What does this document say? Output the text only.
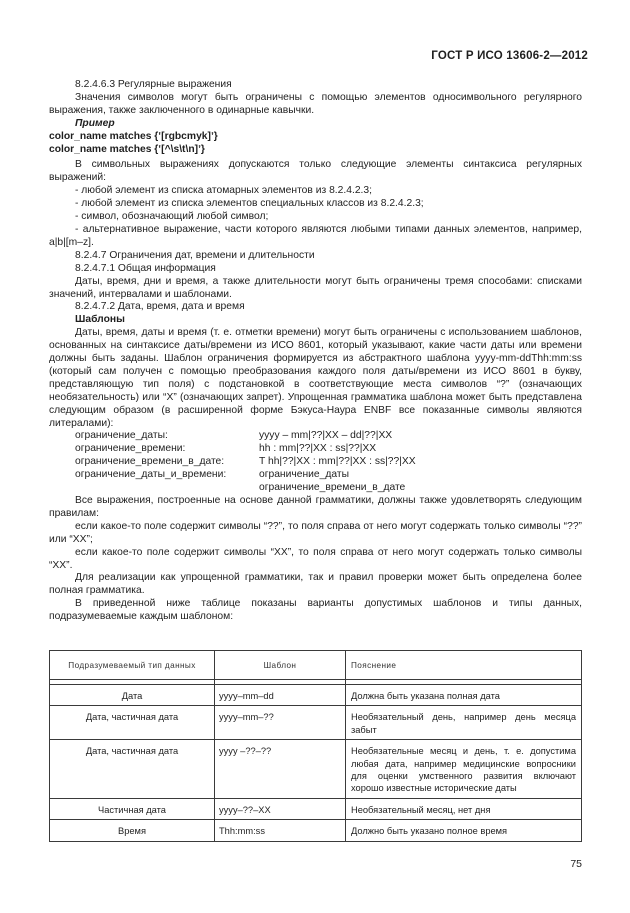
ГОСТ Р ИСО 13606-2—2012

8.2.4.6.3 Регулярные выражения

Значения символов могут быть ограничены с помощью элементов односимвольного регулярного выражения, также заключенного в одинарные кавычки.

Пример

color_name matches {ʽ[rgbcmyk]ʼ}

color_name matches {ʽ[^\s\t\n]ʼ}

В символьных выражениях допускаются только следующие элементы синтаксиса регулярных выражений:

- любой элемент из списка атомарных элементов из 8.2.4.2.3;

- любой элемент из списка элементов специальных классов из 8.2.4.2.3;

- символ, обозначающий любой символ;

- альтернативное выражение, части которого являются любыми типами данных элементов, например, a|b|[m–z].

8.2.4.7 Ограничения дат, времени и длительности

8.2.4.7.1 Общая информация

Даты, время, дни и время, а также длительности могут быть ограничены тремя способами: списками значений, интервалами и шаблонами.

8.2.4.7.2 Дата, время, дата и время

Шаблоны

Даты, время, даты и время (т. е. отметки времени) могут быть ограничены с использованием шаблонов, основанных на синтаксисе даты/времени из ИСО 8601, который указывают, какие части даты или времени должны быть заданы. Шаблон ограничения формируется из абстрактного шаблона yyyy-mm-ddThh:mm:ss (который сам получен с помощью преобразования каждого поля даты/времени из ИСО 8601 в букву, представляющую тип поля) с подстановкой в соответствующие места символов “?” (означающих необязательность) или “X” (означающих запрет). Упрощенная грамматика шаблона может быть представлена следующим образом (в расширенной форме Бэкуса-Наура ENBF все показанные символы являются литералами):

ограничение_даты:	yyyy – mm|??|XX – dd|??|XX
ограничение_времени:	hh : mm|??|XX : ss|??|XX
ограничение_времени_в_дате:	T hh|??|XX : mm|??|XX : ss|??|XX
ограничение_даты_и_времени:	ограничение_даты
ограничение_времени_в_дате

Все выражения, построенные на основе данной грамматики, должны также удовлетворять следующим правилам:

если какое-то поле содержит символы “??”, то поля справа от него могут содержать только символы “??” или “XX”;

если какое-то поле содержит символы “XX”, то поля справа от него могут содержать только символы “XX”.

Для реализации как упрощенной грамматики, так и правил проверки может быть определена более полная грамматика.

В приведенной ниже таблице показаны варианты допустимых шаблонов и типы данных, подразумеваемые каждым шаблоном:

Подразумеваемый тип данных	Шаблон	Пояснение

Дата	yyyy–mm–dd	Должна быть указана полная дата
Дата, частичная дата	yyyy–mm–??	Необязательный день, например день месяца забыт
Дата, частичная дата	yyyy –??–??	Необязательные месяц и день, т. е. допустима любая дата, например медицинские вопросники для оценки умственного развития включают хорошо известные исторические даты
Частичная дата	yyyy–??–XX	Необязательный месяц, нет дня
Время	Thh:mm:ss	Должно быть указано полное время
75
